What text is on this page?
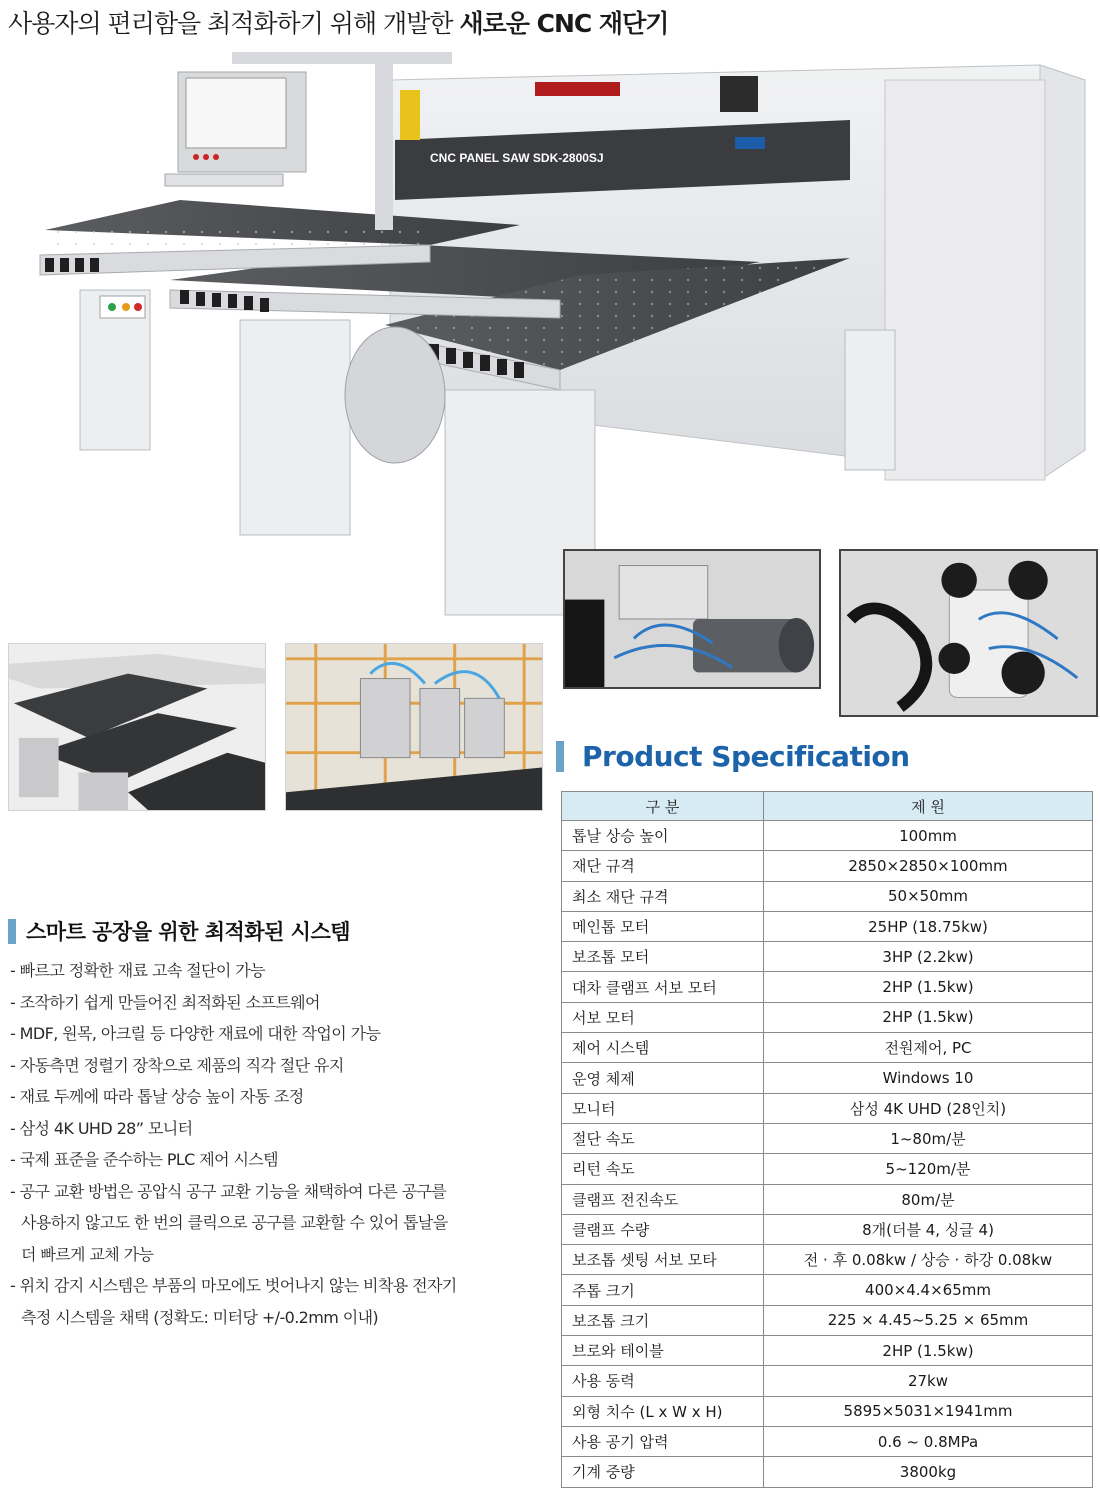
사용자의 편리함을 최적화하기 위해 개발한 새로운 CNC 재단기
CNC PANEL SAW SDK-2800SJ
Product Specification
구 분	제 원
톱날 상승 높이	100mm
재단 규격	2850×2850×100mm
최소 재단 규격	50×50mm
메인톱 모터	25HP (18.75kw)
보조톱 모터	3HP (2.2kw)
대차 클램프 서보 모터	2HP (1.5kw)
서보 모터	2HP (1.5kw)
제어 시스템	전원제어, PC
운영 체제	Windows 10
모니터	삼성 4K UHD (28인치)
절단 속도	1~80m/분
리턴 속도	5~120m/분
클램프 전진속도	80m/분
클램프 수량	8개(더블 4, 싱글 4)
보조톱 셋팅 서보 모타	전 · 후 0.08kw / 상승 · 하강 0.08kw
주톱 크기	400×4.4×65mm
보조톱 크기	225 × 4.45~5.25 × 65mm
브로와 테이블	2HP (1.5kw)
사용 동력	27kw
외형 치수 (L x W x H)	5895×5031×1941mm
사용 공기 압력	0.6 ~ 0.8MPa
기계 중량	3800kg
스마트 공장을 위한 최적화된 시스템
- 빠르고 정확한 재료 고속 절단이 가능
- 조작하기 쉽게 만들어진 최적화된 소프트웨어
- MDF, 원목, 아크릴 등 다양한 재료에 대한 작업이 가능
- 자동측면 정렬기 장착으로 제품의 직각 절단 유지
- 재료 두께에 따라 톱날 상승 높이 자동 조정
- 삼성 4K UHD 28” 모니터
- 국제 표준을 준수하는 PLC 제어 시스템
- 공구 교환 방법은 공압식 공구 교환 기능을 채택하여 다른 공구를
사용하지 않고도 한 번의 클릭으로 공구를 교환할 수 있어 톱날을
더 빠르게 교체 가능
- 위치 감지 시스템은 부품의 마모에도 벗어나지 않는 비착용 전자기
측정 시스템을 채택 (정확도: 미터당 +/-0.2mm 이내)
